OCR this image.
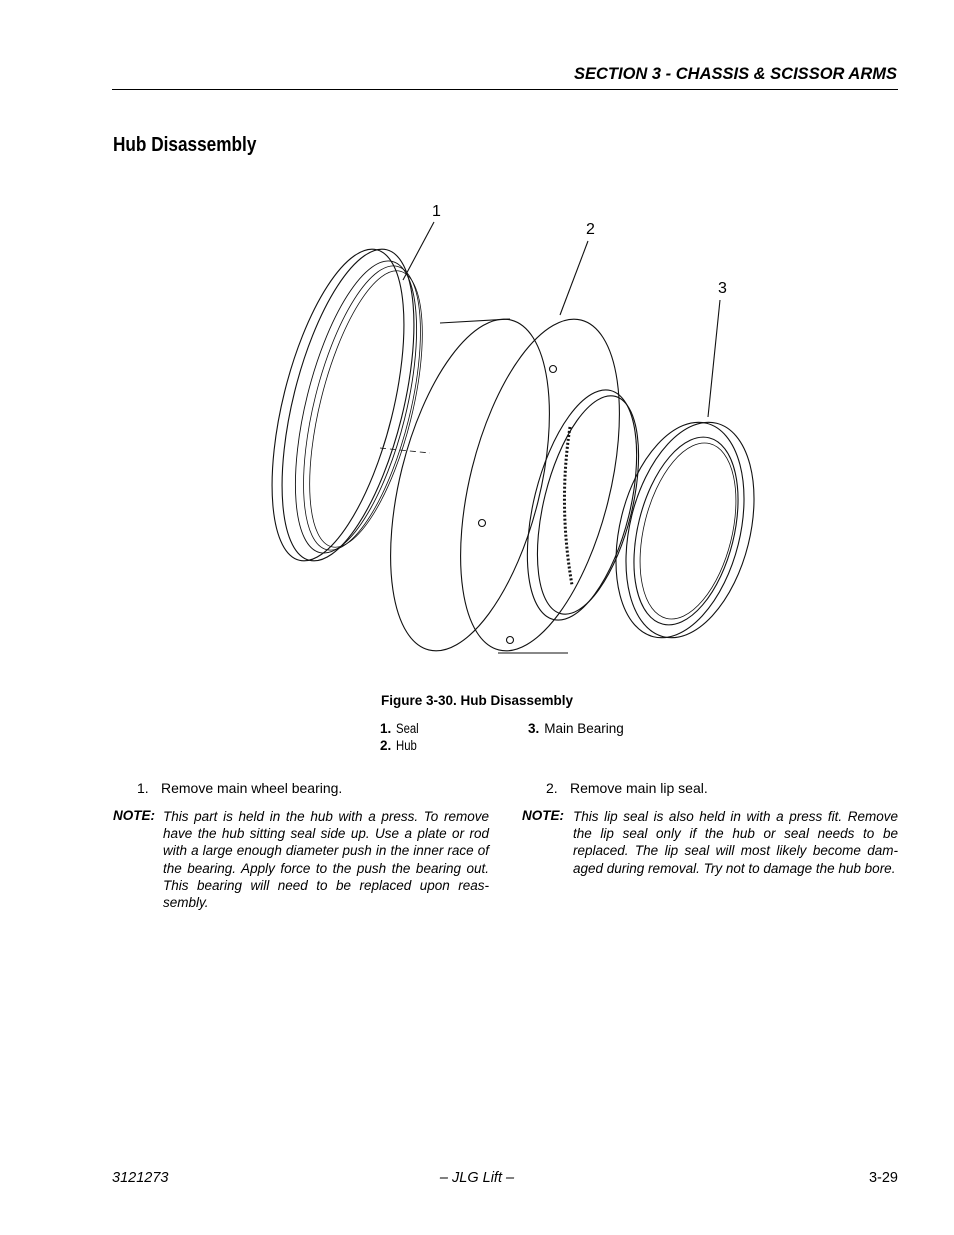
SECTION 3 - CHASSIS & SCISSOR ARMS
Hub Disassembly
1
2
3
Figure 3-30. Hub Disassembly
1. Seal
2. Hub
3. Main Bearing
1. Remove main wheel bearing.	2. Remove main lip seal.
NOTE: This part is held in the hub with a press. To remove have the hub sitting seal side up. Use a plate or rod with a large enough diameter push in the inner race of the bearing. Apply force to the push the bearing out. This bearing will need to be replaced upon reas-sembly.
NOTE: This lip seal is also held in with a press fit. Remove the lip seal only if the hub or seal needs to be replaced. The lip seal will most likely become dam-aged during removal. Try not to damage the hub bore.
3121273	– JLG Lift –	3-29
